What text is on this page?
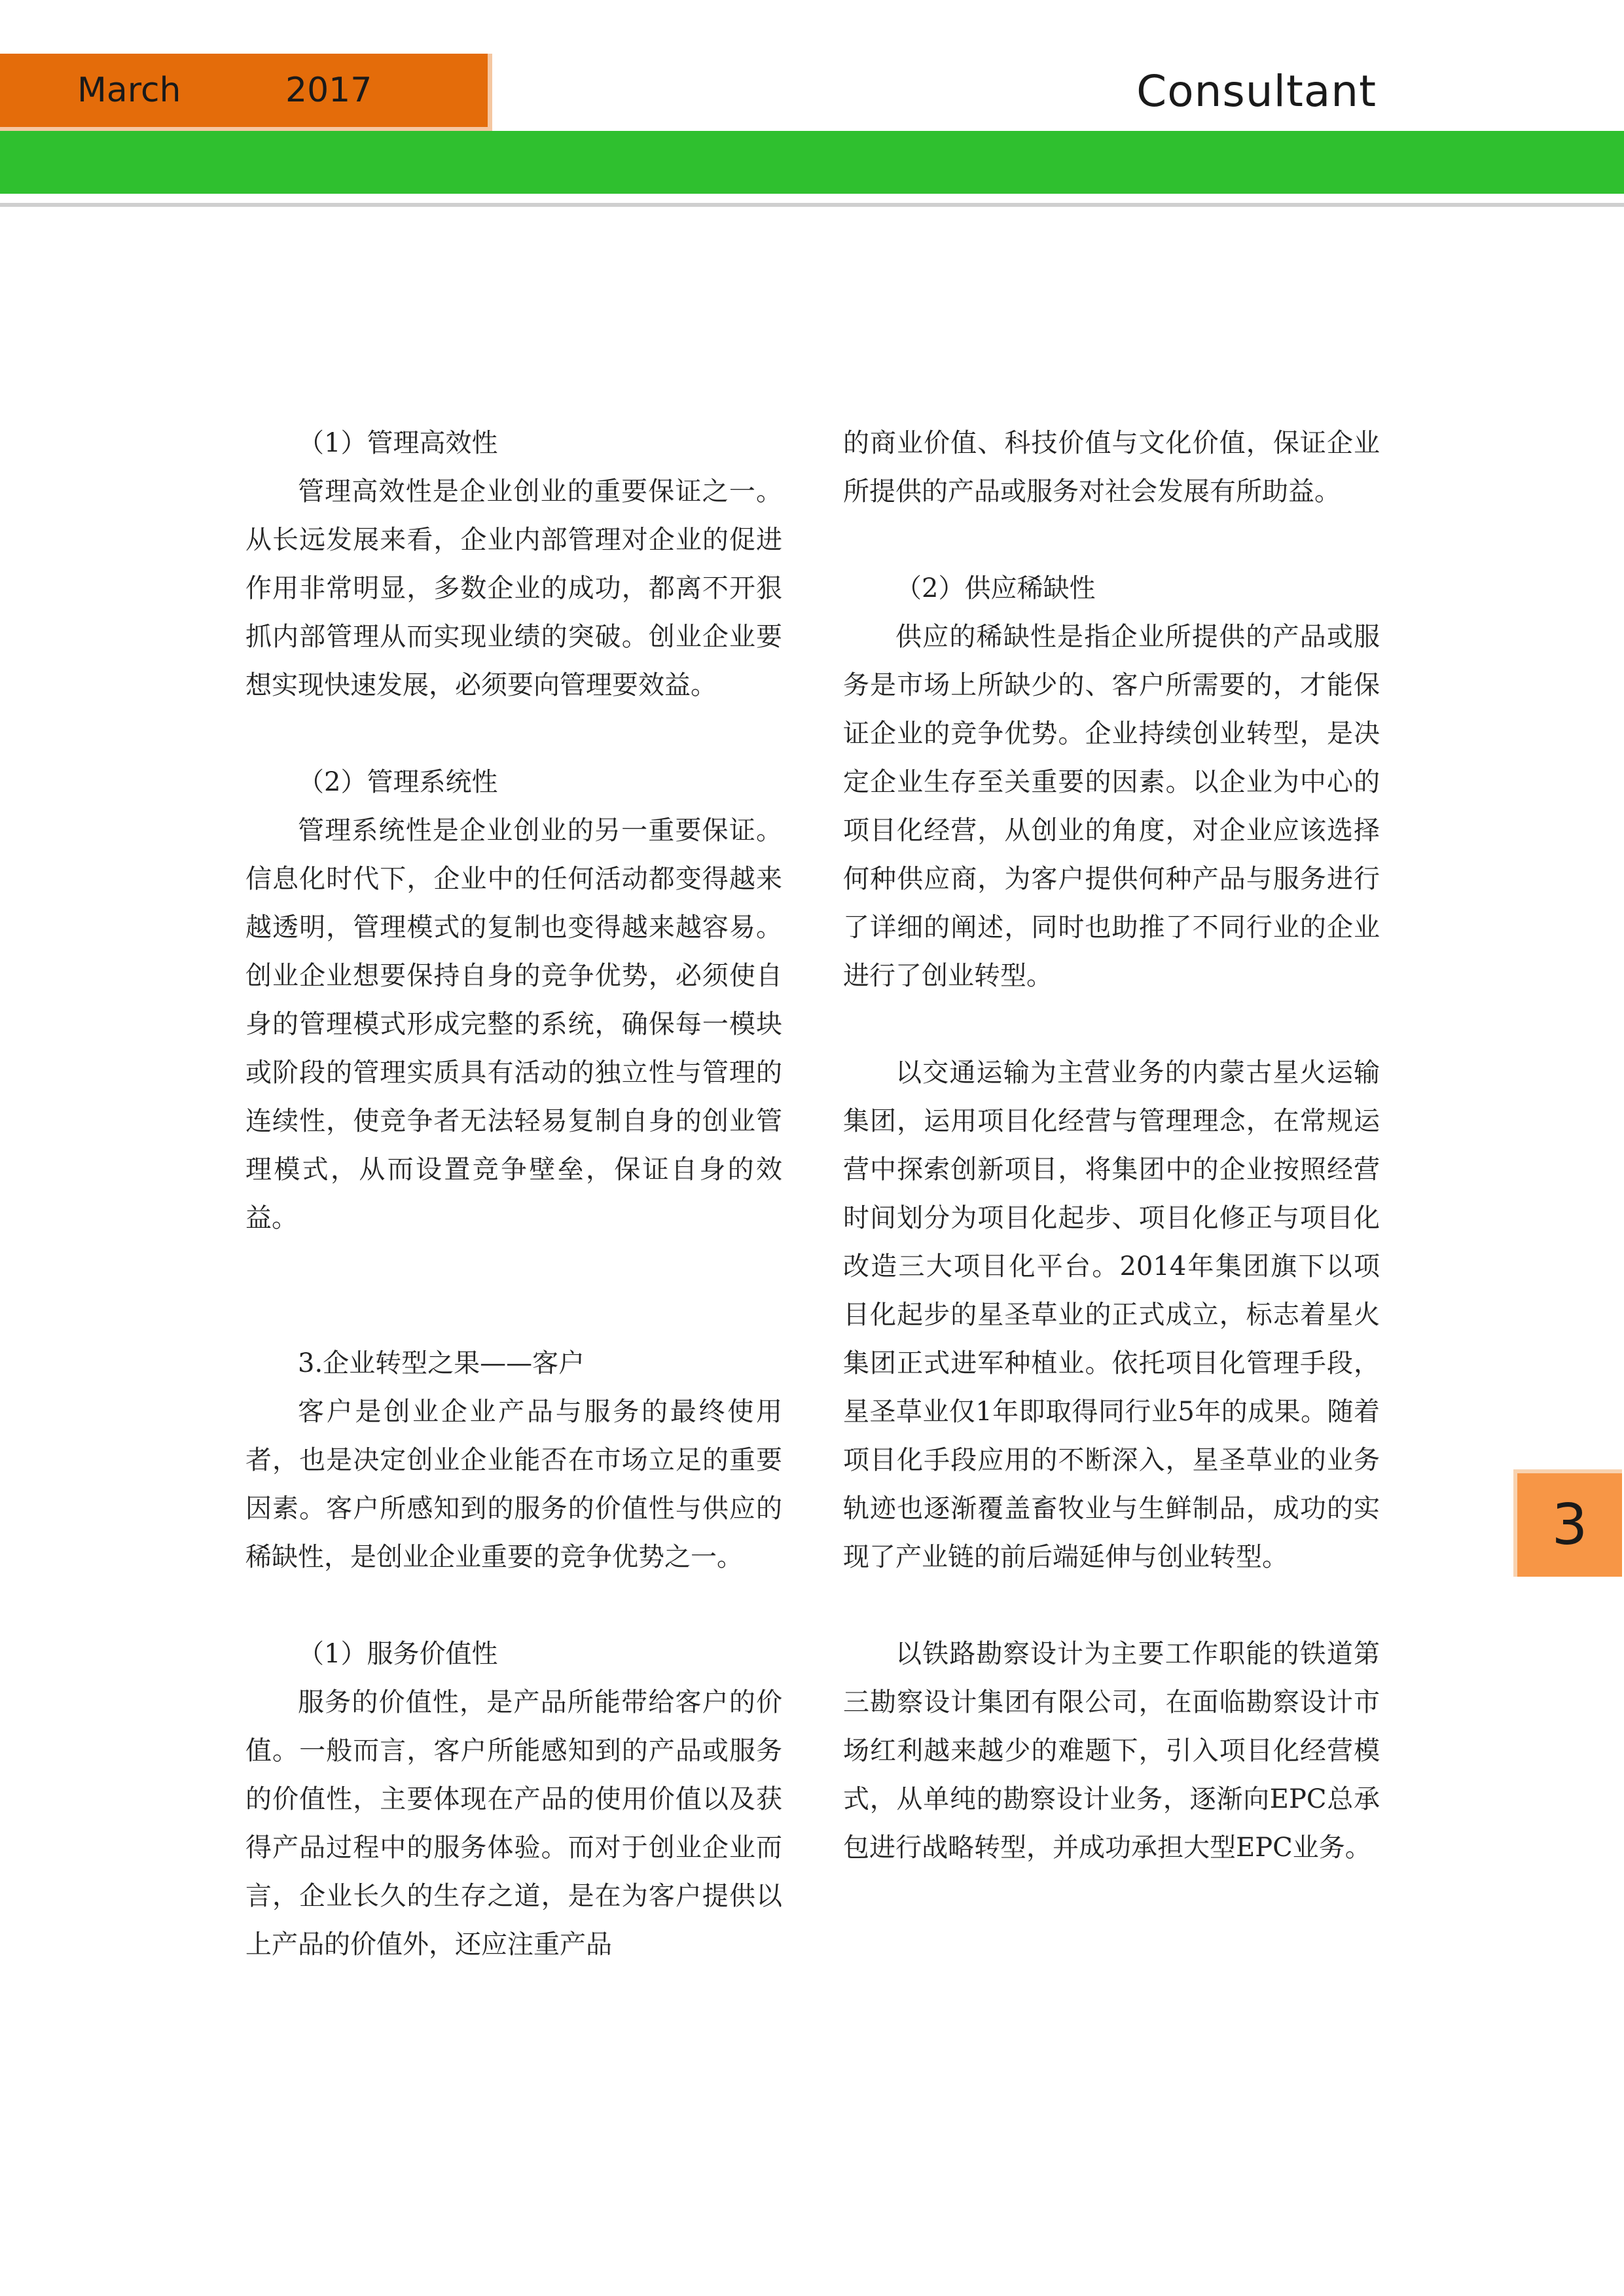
March	2017	Consultant

（1）管理高效性

管理高效性是企业创业的重要保证之一。从长远发展来看，企业内部管理对企业的促进作用非常明显，多数企业的成功，都离不开狠抓内部管理从而实现业绩的突破。创业企业要想实现快速发展，必须要向管理要效益。

（2）管理系统性

管理系统性是企业创业的另一重要保证。信息化时代下，企业中的任何活动都变得越来越透明，管理模式的复制也变得越来越容易。创业企业想要保持自身的竞争优势，必须使自身的管理模式形成完整的系统，确保每一模块或阶段的管理实质具有活动的独立性与管理的连续性，使竞争者无法轻易复制自身的创业管理模式，从而设置竞争壁垒，保证自身的效益。

3.企业转型之果——客户

客户是创业企业产品与服务的最终使用者，也是决定创业企业能否在市场立足的重要因素。客户所感知到的服务的价值性与供应的稀缺性，是创业企业重要的竞争优势之一。

（1）服务价值性

服务的价值性，是产品所能带给客户的价值。一般而言，客户所能感知到的产品或服务的价值性，主要体现在产品的使用价值以及获得产品过程中的服务体验。而对于创业企业而言，企业长久的生存之道，是在为客户提供以上产品的价值外，还应注重产品

的商业价值、科技价值与文化价值，保证企业所提供的产品或服务对社会发展有所助益。

（2）供应稀缺性

供应的稀缺性是指企业所提供的产品或服务是市场上所缺少的、客户所需要的，才能保证企业的竞争优势。企业持续创业转型，是决定企业生存至关重要的因素。以企业为中心的项目化经营，从创业的角度，对企业应该选择何种供应商，为客户提供何种产品与服务进行了详细的阐述，同时也助推了不同行业的企业进行了创业转型。

以交通运输为主营业务的内蒙古星火运输集团，运用项目化经营与管理理念，在常规运营中探索创新项目，将集团中的企业按照经营时间划分为项目化起步、项目化修正与项目化改造三大项目化平台。2014年集团旗下以项目化起步的星圣草业的正式成立，标志着星火集团正式进军种植业。依托项目化管理手段，星圣草业仅1年即取得同行业5年的成果。随着项目化手段应用的不断深入，星圣草业的业务轨迹也逐渐覆盖畜牧业与生鲜制品，成功的实现了产业链的前后端延伸与创业转型。

以铁路勘察设计为主要工作职能的铁道第三勘察设计集团有限公司，在面临勘察设计市场红利越来越少的难题下，引入项目化经营模式，从单纯的勘察设计业务，逐渐向EPC总承包进行战略转型，并成功承担大型EPC业务。

3
